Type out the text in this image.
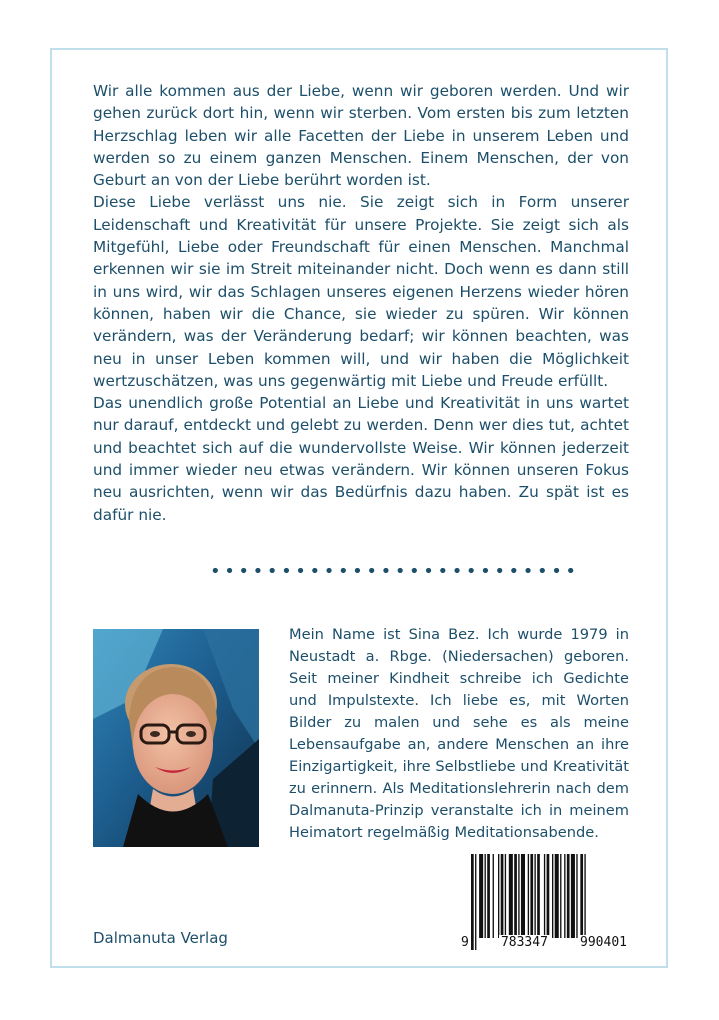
Wir alle kommen aus der Liebe, wenn wir geboren werden. Und wir gehen zurück dort hin, wenn wir sterben. Vom ersten bis zum letzten Herzschlag leben wir alle Facetten der Liebe in unserem Leben und werden so zu einem ganzen Menschen. Einem Menschen, der von Geburt an von der Liebe berührt worden ist.

Diese Liebe verlässt uns nie. Sie zeigt sich in Form unserer Leidenschaft und Kreativität für unsere Projekte. Sie zeigt sich als Mitgefühl, Liebe oder Freundschaft für einen Menschen. Manchmal erkennen wir sie im Streit miteinander nicht. Doch wenn es dann still in uns wird, wir das Schlagen unseres eigenen Herzens wieder hören können, haben wir die Chance, sie wieder zu spüren. Wir können verändern, was der Veränderung bedarf; wir können beachten, was neu in unser Leben kommen will, und wir haben die Möglichkeit wertzuschätzen, was uns gegenwärtig mit Liebe und Freude erfüllt.

Das unendlich große Potential an Liebe und Kreativität in uns wartet nur darauf, entdeckt und gelebt zu werden. Denn wer dies tut, achtet und beachtet sich auf die wundervollste Weise. Wir können jederzeit und immer wieder neu etwas verändern. Wir können unseren Fokus neu ausrichten, wenn wir das Bedürfnis dazu haben. Zu spät ist es dafür nie.

••••••••••••••••••••••••••
Mein Name ist Sina Bez. Ich wurde 1979 in Neustadt a. Rbge. (Niedersachen) geboren. Seit meiner Kindheit schreibe ich Gedichte und Impulstexte. Ich liebe es, mit Worten Bilder zu malen und sehe es als meine Lebensaufgabe an, andere Menschen an ihre Einzigartigkeit, ihre Selbstliebe und Kreativität zu erinnern. Als Meditationslehrerin nach dem Dalmanuta-Prinzip veranstalte ich in meinem Heimatort regelmäßig Meditationsabende.
Dalmanuta Verlag	9 783347 990401
